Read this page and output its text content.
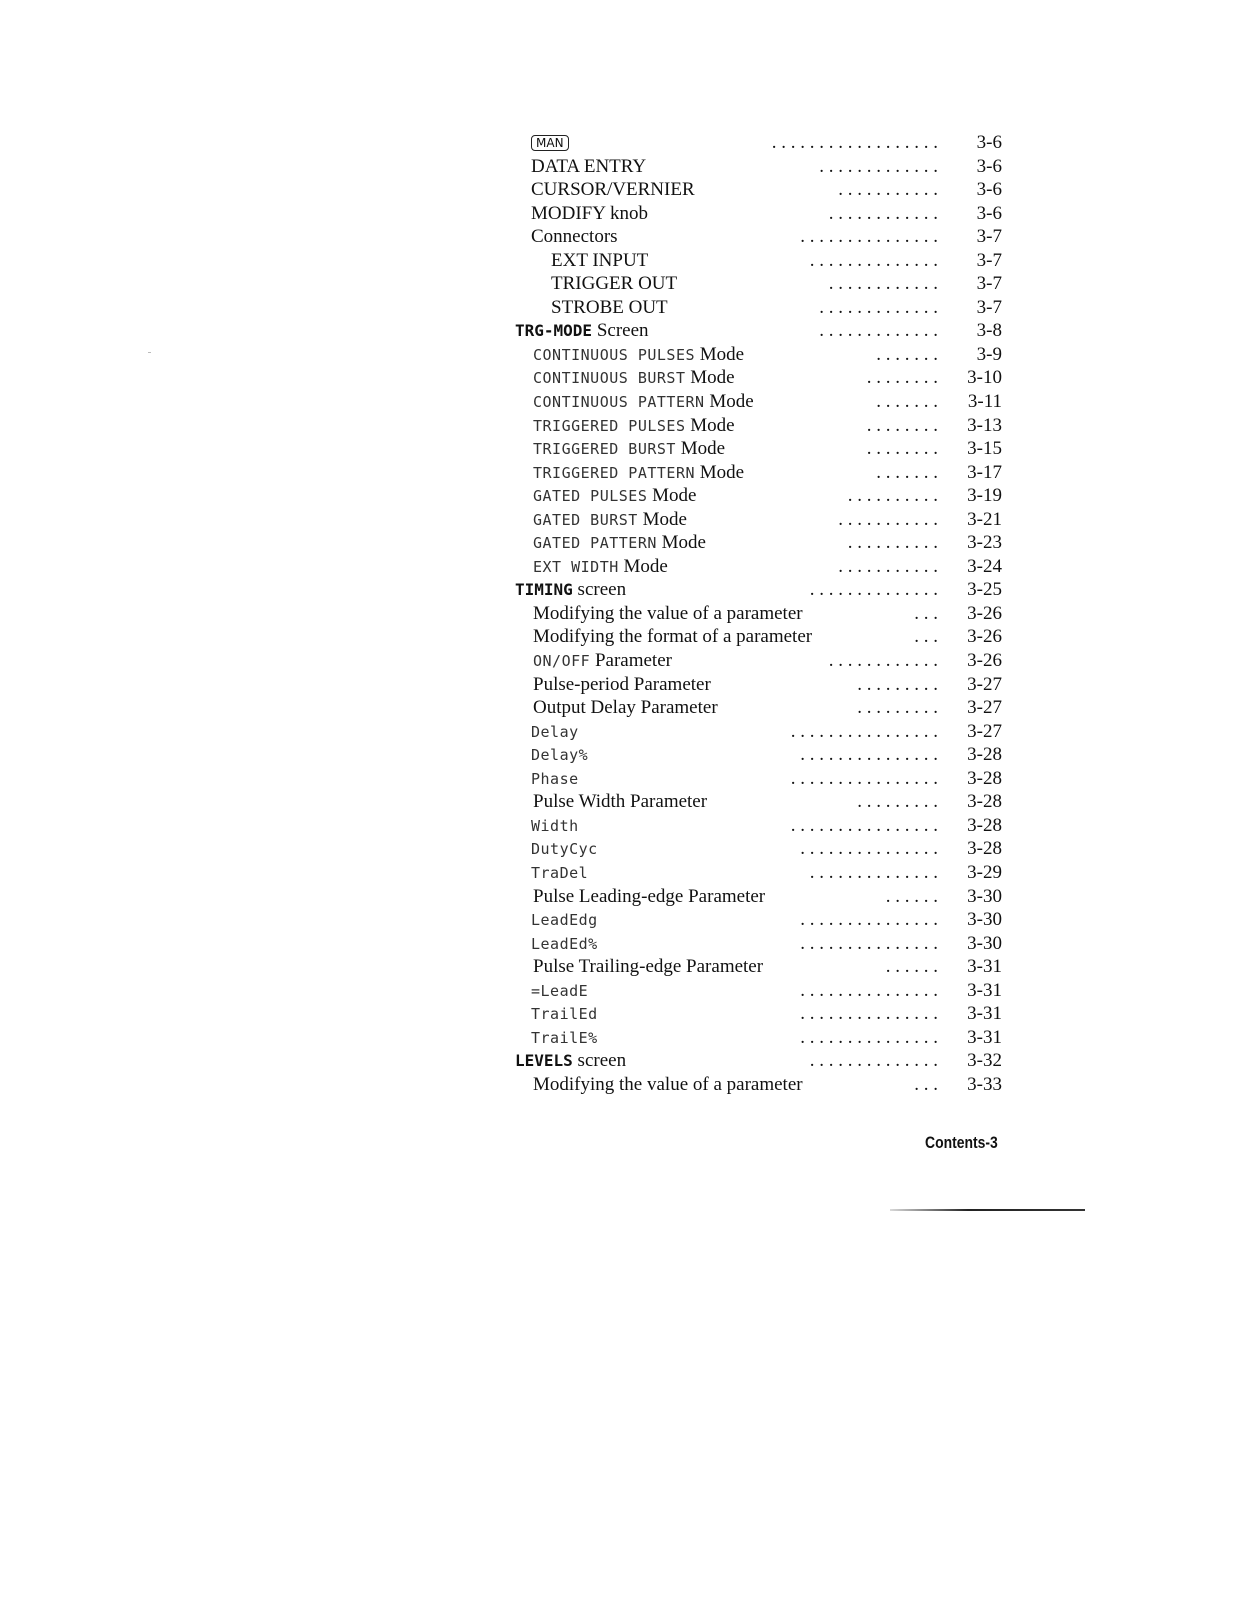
MAN	3-6
. . . . . . . . . . . . . . . . . .
DATA ENTRY	3-6
. . . . . . . . . . . . .
CURSOR/VERNIER	3-6
. . . . . . . . . . .
MODIFY knob	3-6
. . . . . . . . . . . .
Connectors	3-7
. . . . . . . . . . . . . . .
EXT INPUT	3-7
. . . . . . . . . . . . . .
TRIGGER OUT	3-7
. . . . . . . . . . . .
STROBE OUT	3-7
. . . . . . . . . . . . .
TRG-MODE Screen	3-8
. . . . . . . . . . . . .
CONTINUOUS PULSES Mode	3-9
. . . . . . .
CONTINUOUS BURST Mode	3-10
. . . . . . . .
CONTINUOUS PATTERN Mode	3-11
. . . . . . .
TRIGGERED PULSES Mode	3-13
. . . . . . . .
TRIGGERED BURST Mode	3-15
. . . . . . . .
TRIGGERED PATTERN Mode	3-17
. . . . . . .
GATED PULSES Mode	3-19
. . . . . . . . . .
GATED BURST Mode	3-21
. . . . . . . . . . .
GATED PATTERN Mode	3-23
. . . . . . . . . .
EXT WIDTH Mode	3-24
. . . . . . . . . . .
TIMING screen	3-25
. . . . . . . . . . . . . .
Modifying the value of a parameter	3-26
. . .
Modifying the format of a parameter	3-26
. . .
ON/OFF Parameter	3-26
. . . . . . . . . . . .
Pulse-period Parameter	3-27
. . . . . . . . .
Output Delay Parameter	3-27
. . . . . . . . .
Delay	3-27
. . . . . . . . . . . . . . . .
Delay%	3-28
. . . . . . . . . . . . . . .
Phase	3-28
. . . . . . . . . . . . . . . .
Pulse Width Parameter	3-28
. . . . . . . . .
Width	3-28
. . . . . . . . . . . . . . . .
DutyCyc	3-28
. . . . . . . . . . . . . . .
TraDel	3-29
. . . . . . . . . . . . . .
Pulse Leading-edge Parameter	3-30
. . . . . .
LeadEdg	3-30
. . . . . . . . . . . . . . .
LeadEd%	3-30
. . . . . . . . . . . . . . .
Pulse Trailing-edge Parameter	3-31
. . . . . .
=LeadE	3-31
. . . . . . . . . . . . . . .
TrailEd	3-31
. . . . . . . . . . . . . . .
TrailE%	3-31
. . . . . . . . . . . . . . .
LEVELS screen	3-32
. . . . . . . . . . . . . .
Modifying the value of a parameter	3-33
. . .
Contents-3
